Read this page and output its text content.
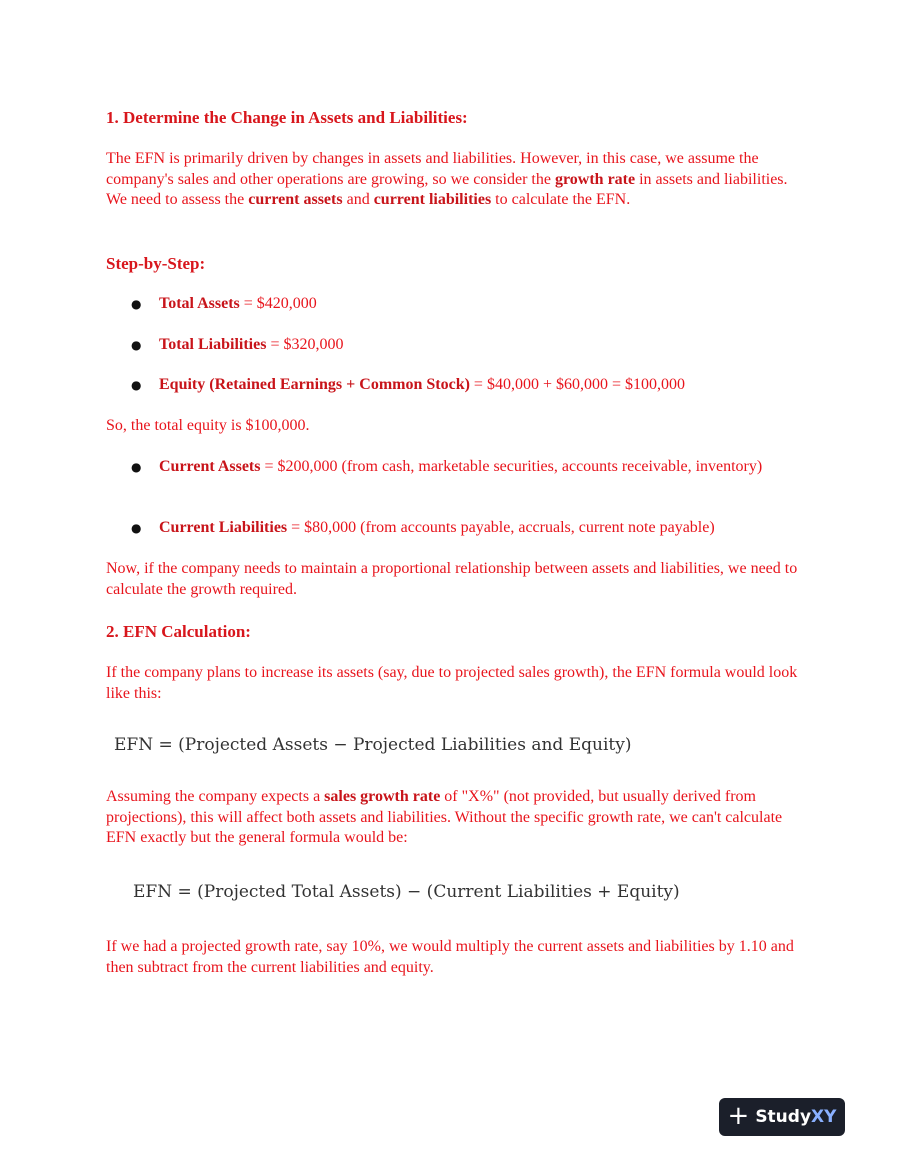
1. Determine the Change in Assets and Liabilities:

The EFN is primarily driven by changes in assets and liabilities. However, in this case, we assume the company's sales and other operations are growing, so we consider the growth rate in assets and liabilities. We need to assess the current assets and current liabilities to calculate the EFN.

Step-by-Step:
● Total Assets = $420,000
● Total Liabilities = $320,000
● Equity (Retained Earnings + Common Stock) = $40,000 + $60,000 = $100,000

So, the total equity is $100,000.

● Current Assets = $200,000 (from cash, marketable securities, accounts receivable, inventory)
● Current Liabilities = $80,000 (from accounts payable, accruals, current note payable)

Now, if the company needs to maintain a proportional relationship between assets and liabilities, we need to calculate the growth required.

2. EFN Calculation:

If the company plans to increase its assets (say, due to projected sales growth), the EFN formula would look like this:

EFN = (Projected Assets − Projected Liabilities and Equity)

Assuming the company expects a sales growth rate of "X%" (not provided, but usually derived from projections), this will affect both assets and liabilities. Without the specific growth rate, we can't calculate EFN exactly but the general formula would be:

EFN = (Projected Total Assets) − (Current Liabilities + Equity)

If we had a projected growth rate, say 10%, we would multiply the current assets and liabilities by 1.10 and then subtract from the current liabilities and equity.

+ StudyXY
